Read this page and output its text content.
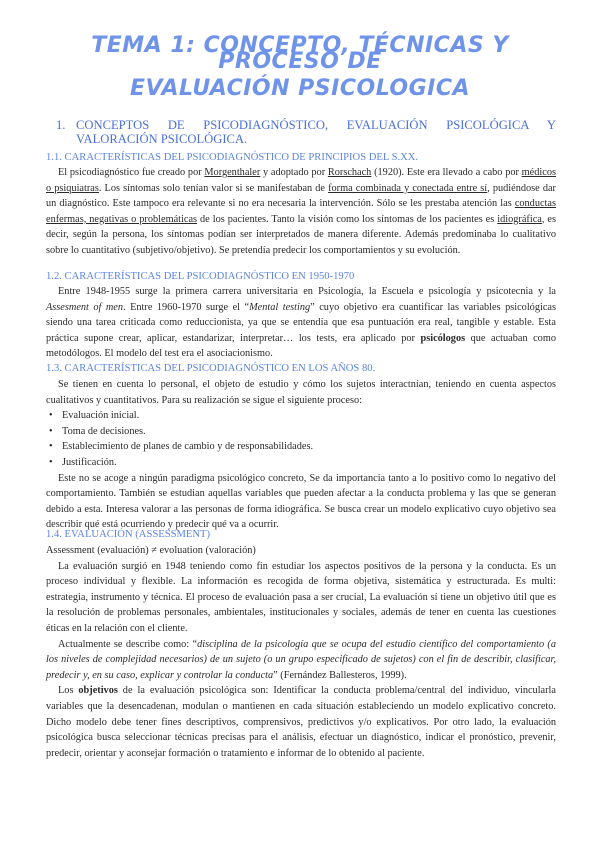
TEMA 1: CONCEPTO, TÉCNICAS Y PROCESO DE
EVALUACIÓN PSICOLOGICA
1. CONCEPTOS DE PSICODIAGNÓSTICO, EVALUACIÓN PSICOLÓGICA Y
VALORACIÓN PSICOLÓGICA.
1.1. CARACTERÍSTICAS DEL PSICODIAGNÓSTICO DE PRINCIPIOS DEL S.XX.

El psicodiagnóstico fue creado por Morgenthaler y adoptado por Rorschach (1920). Este era llevado a cabo por médicos o psiquiatras. Los síntomas solo tenían valor si se manifestaban de forma combinada y conectada entre sí, pudiéndose dar un diagnóstico. Este tampoco era relevante si no era necesaria la intervención. Sólo se les prestaba atención las conductas enfermas, negativas o problemáticas de los pacientes. Tanto la visión como los síntomas de los pacientes es idiográfica, es decir, según la persona, los síntomas podían ser interpretados de manera diferente. Además predominaba lo cualitativo sobre lo cuantitativo (subjetivo/objetivo). Se pretendía predecir los comportamientos y su evolución.

1.2. CARACTERÍSTICAS DEL PSICODIAGNÓSTICO EN 1950-1970

Entre 1948-1955 surge la primera carrera universitaria en Psicología, la Escuela e psicología y psicotecnia y la Assesment of men. Entre 1960-1970 surge el “Mental testing” cuyo objetivo era cuantificar las variables psicológicas siendo una tarea criticada como reduccionista, ya que se entendía que esa puntuación era real, tangible y estable. Esta práctica supone crear, aplicar, estandarizar, interpretar… los tests, era aplicado por psicólogos que actuaban como metodólogos. El modelo del test era el asociacionismo.

1.3. CARACTERÍSTICAS DEL PSICODIAGNÓSTICO EN LOS AÑOS 80.

Se tienen en cuenta lo personal, el objeto de estudio y cómo los sujetos interactnían, teniendo en cuenta aspectos cualitativos y cuantitativos. Para su realización se sigue el siguiente proceso:

• Evaluación inicial.
• Toma de decisiones.
• Establecimiento de planes de cambio y de responsabilidades.
• Justificación.

Este no se acoge a ningún paradigma psicológico concreto, Se da importancia tanto a lo positivo como lo negativo del comportamiento. También se estudian aquellas variables que pueden afectar a la conducta problema y las que se generan debido a esta. Interesa valorar a las personas de forma idiográfica. Se busca crear un modelo explicativo cuyo objetivo sea describir qué está ocurriendo y predecir qué va a ocurrir.

1.4. EVALUACIÓN (ASSESSMENT)

Assessment (evaluación) ≠ evoluation (valoración)

La evaluación surgió en 1948 teniendo como fin estudiar los aspectos positivos de la persona y la conducta. Es un proceso individual y flexible. La información es recogida de forma objetiva, sistemática y estructurada. Es multi: estrategia, instrumento y técnica. El proceso de evaluación pasa a ser crucial, La evaluación sí tiene un objetivo útil que es la resolución de problemas personales, ambientales, institucionales y sociales, además de tener en cuenta las cuestiones éticas en la relación con el cliente.

Actualmente se describe como: “disciplina de la psicología que se ocupa del estudio científico del comportamiento (a los niveles de complejidad necesarios) de un sujeto (o un grupo especificado de sujetos) con el fin de describir, clasificar, predecir y, en su caso, explicar y controlar la conducta” (Fernández Ballesteros, 1999).

Los objetivos de la evaluación psicológica son: Identificar la conducta problema/central del individuo, vincularla variables que la desencadenan, modulan o mantienen en cada situación estableciendo un modelo explicativo concreto. Dicho modelo debe tener fines descriptivos, comprensivos, predictivos y/o explicativos. Por otro lado, la evaluación psicológica busca seleccionar técnicas precisas para el análisis, efectuar un diagnóstico, indicar el pronóstico, prevenir, predecir, orientar y aconsejar formación o tratamiento e informar de lo obtenido al paciente.
